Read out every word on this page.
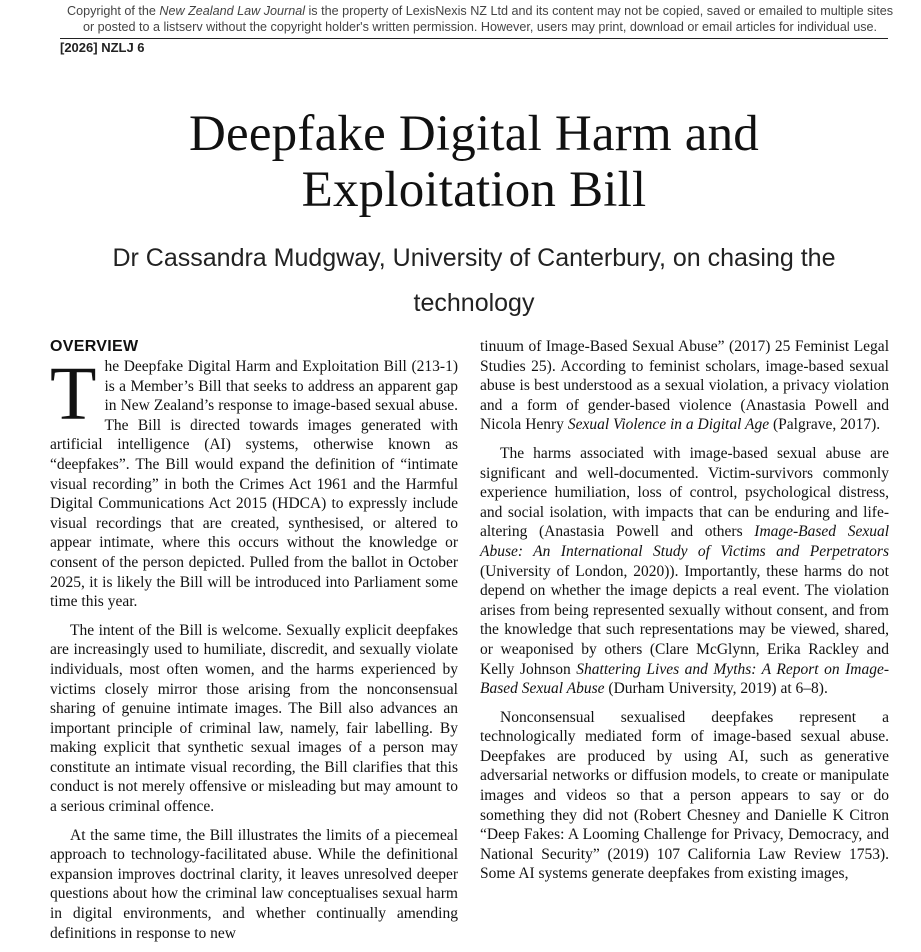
Copyright of the New Zealand Law Journal is the property of LexisNexis NZ Ltd and its content may not be copied, saved or emailed to multiple sites
or posted to a listserv without the copyright holder's written permission. However, users may print, download or email articles for individual use.
[2026] NZLJ 6
Deepfake Digital Harm and
Exploitation Bill
Dr Cassandra Mudgway, University of Canterbury, on chasing the
technology
OVERVIEW

The Deepfake Digital Harm and Exploitation Bill (213-1) is a Member’s Bill that seeks to address an apparent gap in New Zealand’s response to image-based sexual abuse. The Bill is directed towards images generated with artificial intelligence (AI) systems, otherwise known as “deepfakes”. The Bill would expand the definition of “intimate visual recording” in both the Crimes Act 1961 and the Harmful Digital Communications Act 2015 (HDCA) to expressly include visual recordings that are created, synthesised, or altered to appear intimate, where this occurs without the knowledge or consent of the person depicted. Pulled from the ballot in October 2025, it is likely the Bill will be introduced into Parliament some time this year.

The intent of the Bill is welcome. Sexually explicit deepfakes are increasingly used to humiliate, discredit, and sexually violate individuals, most often women, and the harms experienced by victims closely mirror those arising from the nonconsensual sharing of genuine intimate images. The Bill also advances an important principle of criminal law, namely, fair labelling. By making explicit that synthetic sexual images of a person may constitute an intimate visual recording, the Bill clarifies that this conduct is not merely offensive or misleading but may amount to a serious criminal offence.

At the same time, the Bill illustrates the limits of a piecemeal approach to technology-facilitated abuse. While the definitional expansion improves doctrinal clarity, it leaves unresolved deeper questions about how the criminal law conceptualises sexual harm in digital environments, and whether continually amending definitions in response to new

tinuum of Image-Based Sexual Abuse” (2017) 25 Feminist Legal Studies 25). According to feminist scholars, image-based sexual abuse is best understood as a sexual violation, a privacy violation and a form of gender-based violence (Anastasia Powell and Nicola Henry Sexual Violence in a Digital Age (Palgrave, 2017).

The harms associated with image-based sexual abuse are significant and well-documented. Victim-survivors commonly experience humiliation, loss of control, psychological distress, and social isolation, with impacts that can be enduring and life-altering (Anastasia Powell and others Image-Based Sexual Abuse: An International Study of Victims and Perpetrators (University of London, 2020)). Importantly, these harms do not depend on whether the image depicts a real event. The violation arises from being represented sexually without consent, and from the knowledge that such representations may be viewed, shared, or weaponised by others (Clare McGlynn, Erika Rackley and Kelly Johnson Shattering Lives and Myths: A Report on Image-Based Sexual Abuse (Durham University, 2019) at 6–8).

Nonconsensual sexualised deepfakes represent a technologically mediated form of image-based sexual abuse. Deepfakes are produced by using AI, such as generative adversarial networks or diffusion models, to create or manipulate images and videos so that a person appears to say or do something they did not (Robert Chesney and Danielle K Citron “Deep Fakes: A Looming Challenge for Privacy, Democracy, and National Security” (2019) 107 California Law Review 1753). Some AI systems generate deepfakes from existing images,
